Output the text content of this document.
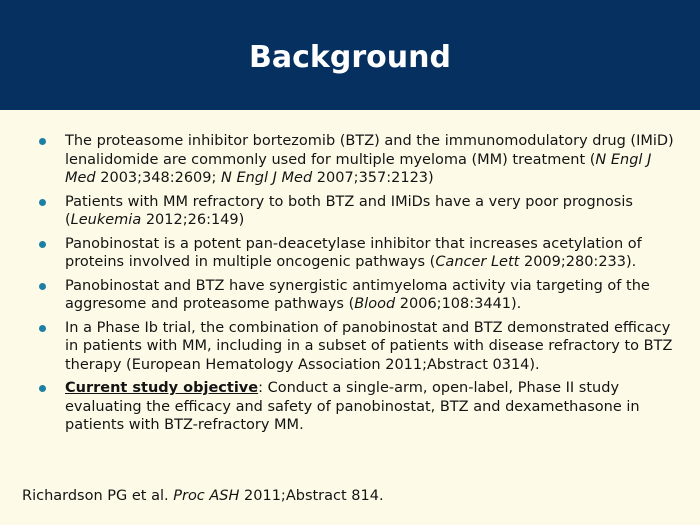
Background
The proteasome inhibitor bortezomib (BTZ) and the immunomodulatory drug (IMiD) lenalidomide are commonly used for multiple myeloma (MM) treatment (N Engl J Med 2003;348:2609; N Engl J Med 2007;357:2123)
Patients with MM refractory to both BTZ and IMiDs have a very poor prognosis (Leukemia 2012;26:149)
Panobinostat is a potent pan-deacetylase inhibitor that increases acetylation of proteins involved in multiple oncogenic pathways (Cancer Lett 2009;280:233).
Panobinostat and BTZ have synergistic antimyeloma activity via targeting of the aggresome and proteasome pathways (Blood 2006;108:3441).
In a Phase Ib trial, the combination of panobinostat and BTZ demonstrated efficacy in patients with MM, including in a subset of patients with disease refractory to BTZ therapy (European Hematology Association 2011;Abstract 0314).
Current study objective: Conduct a single-arm, open-label, Phase II study evaluating the efficacy and safety of panobinostat, BTZ and dexamethasone in patients with BTZ-refractory MM.
Richardson PG et al. Proc ASH 2011;Abstract 814.
